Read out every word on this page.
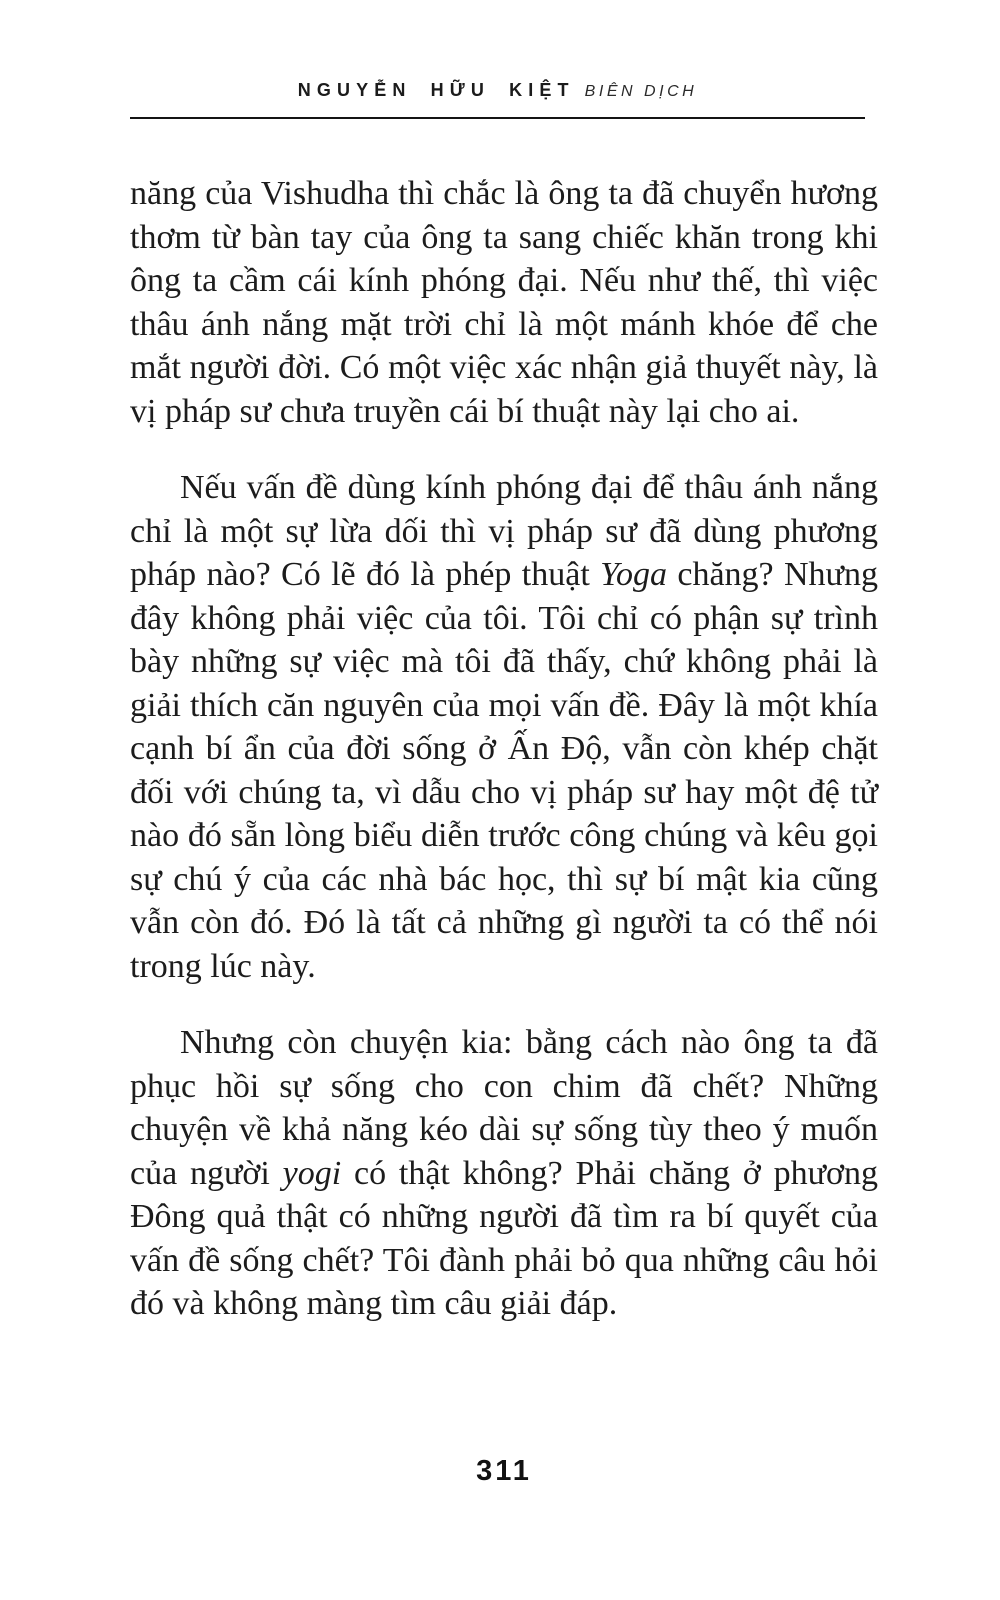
NGUYỄN HỮU KIỆT BIÊN DỊCH

năng của Vishudha thì chắc là ông ta đã chuyển hương thơm từ bàn tay của ông ta sang chiếc khăn trong khi ông ta cầm cái kính phóng đại. Nếu như thế, thì việc thâu ánh nắng mặt trời chỉ là một mánh khóe để che mắt người đời. Có một việc xác nhận giả thuyết này, là vị pháp sư chưa truyền cái bí thuật này lại cho ai.

Nếu vấn đề dùng kính phóng đại để thâu ánh nắng chỉ là một sự lừa dối thì vị pháp sư đã dùng phương pháp nào? Có lẽ đó là phép thuật Yoga chăng? Nhưng đây không phải việc của tôi. Tôi chỉ có phận sự trình bày những sự việc mà tôi đã thấy, chứ không phải là giải thích căn nguyên của mọi vấn đề. Đây là một khía cạnh bí ẩn của đời sống ở Ấn Độ, vẫn còn khép chặt đối với chúng ta, vì dẫu cho vị pháp sư hay một đệ tử nào đó sẵn lòng biểu diễn trước công chúng và kêu gọi sự chú ý của các nhà bác học, thì sự bí mật kia cũng vẫn còn đó. Đó là tất cả những gì người ta có thể nói trong lúc này.

Nhưng còn chuyện kia: bằng cách nào ông ta đã phục hồi sự sống cho con chim đã chết? Những chuyện về khả năng kéo dài sự sống tùy theo ý muốn của người yogi có thật không? Phải chăng ở phương Đông quả thật có những người đã tìm ra bí quyết của vấn đề sống chết? Tôi đành phải bỏ qua những câu hỏi đó và không màng tìm câu giải đáp.

311
